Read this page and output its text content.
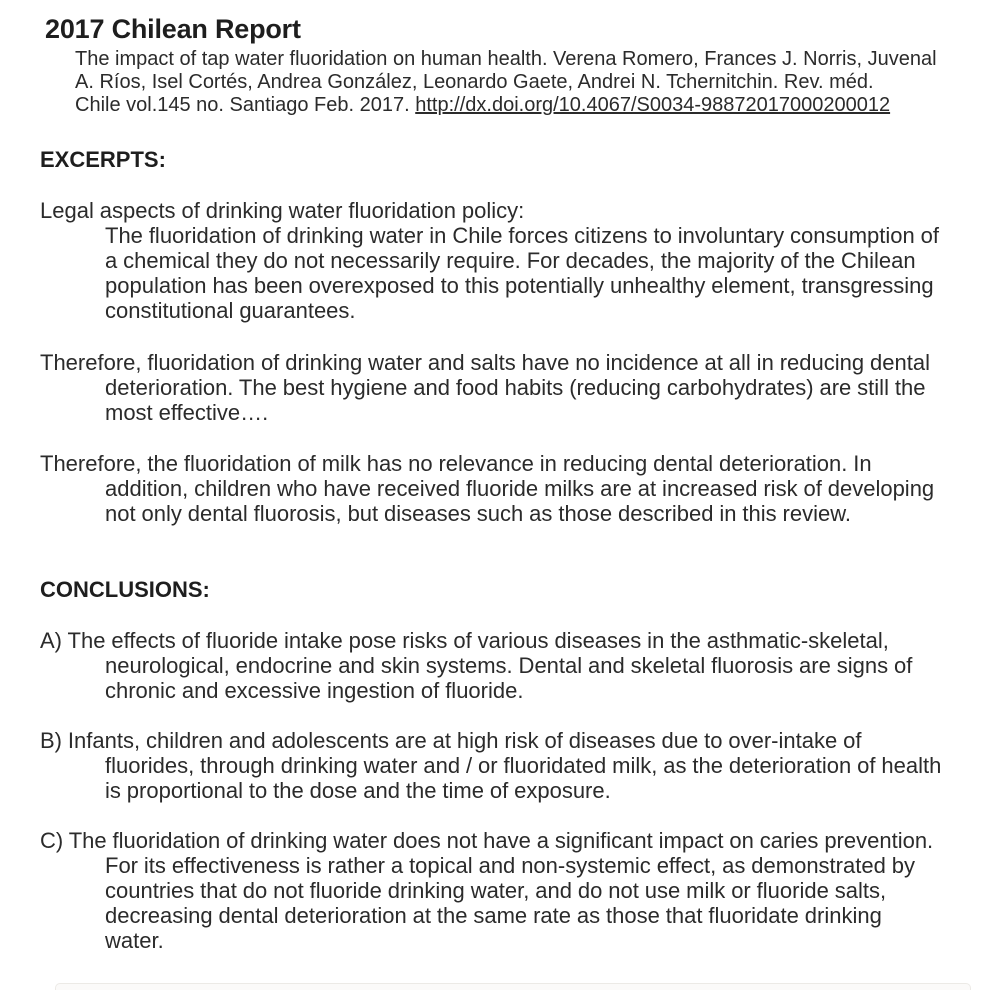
2017 Chilean Report
The impact of tap water fluoridation on human health. Verena Romero, Frances J. Norris, Juvenal
A. Ríos, Isel Cortés, Andrea González, Leonardo Gaete, Andrei N. Tchernitchin. Rev. méd.
Chile vol.145 no. Santiago Feb. 2017. http://dx.doi.org/10.4067/S0034-98872017000200012
EXCERPTS:

Legal aspects of drinking water fluoridation policy:
The fluoridation of drinking water in Chile forces citizens to involuntary consumption of a chemical they do not necessarily require. For decades, the majority of the Chilean population has been overexposed to this potentially unhealthy element, transgressing constitutional guarantees.

Therefore, fluoridation of drinking water and salts have no incidence at all in reducing dental deterioration. The best hygiene and food habits (reducing carbohydrates) are still the most effective….

Therefore, the fluoridation of milk has no relevance in reducing dental deterioration. In addition, children who have received fluoride milks are at increased risk of developing not only dental fluorosis, but diseases such as those described in this review.

CONCLUSIONS:

A) The effects of fluoride intake pose risks of various diseases in the asthmatic-skeletal, neurological, endocrine and skin systems. Dental and skeletal fluorosis are signs of chronic and excessive ingestion of fluoride.

B) Infants, children and adolescents are at high risk of diseases due to over-intake of fluorides, through drinking water and / or fluoridated milk, as the deterioration of health is proportional to the dose and the time of exposure.

C) The fluoridation of drinking water does not have a significant impact on caries prevention. For its effectiveness is rather a topical and non-systemic effect, as demonstrated by countries that do not fluoride drinking water, and do not use milk or fluoride salts, decreasing dental deterioration at the same rate as those that fluoridate drinking water.
